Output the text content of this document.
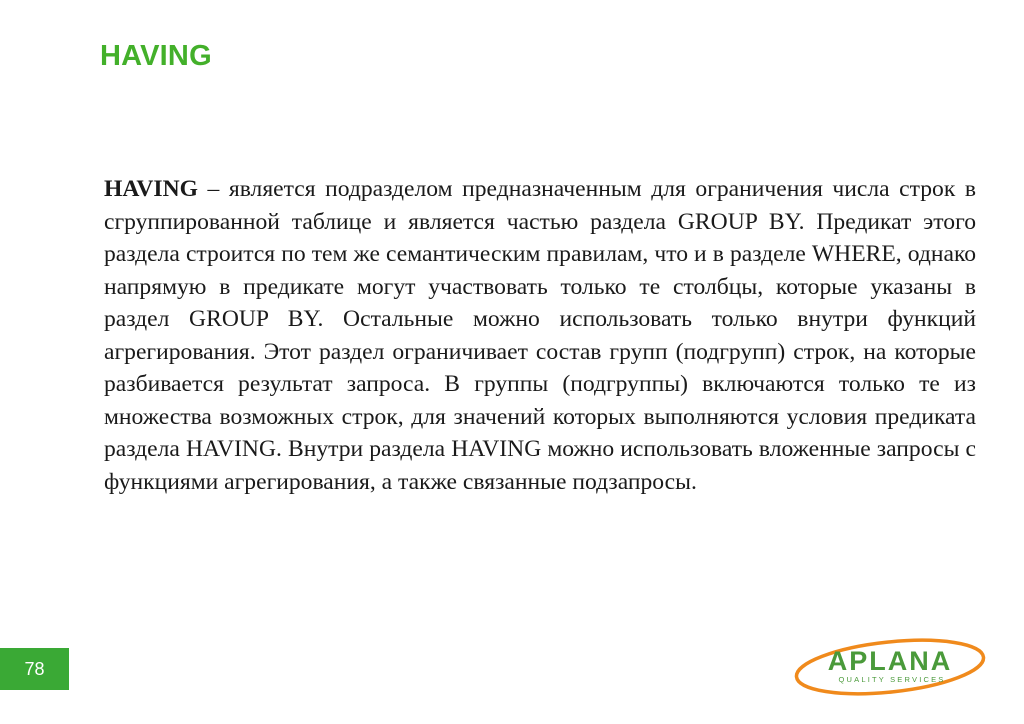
HAVING

HAVING – является подразделом предназначенным для ограничения числа строк в сгруппированной таблице и является частью раздела GROUP BY. Предикат этого раздела строится по тем же семантическим правилам, что и в разделе WHERE, однако напрямую в предикате могут участвовать только те столбцы, которые указаны в раздел GROUP BY. Остальные можно использовать только внутри функций агрегирования. Этот раздел ограничивает состав групп (подгрупп) строк, на которые разбивается результат запроса. В группы (подгруппы) включаются только те из множества возможных строк, для значений которых выполняются условия предиката раздела HAVING. Внутри раздела HAVING можно использовать вложенные запросы с функциями агрегирования, а также связанные подзапросы.

78	APLANA
QUALITY SERVICES
